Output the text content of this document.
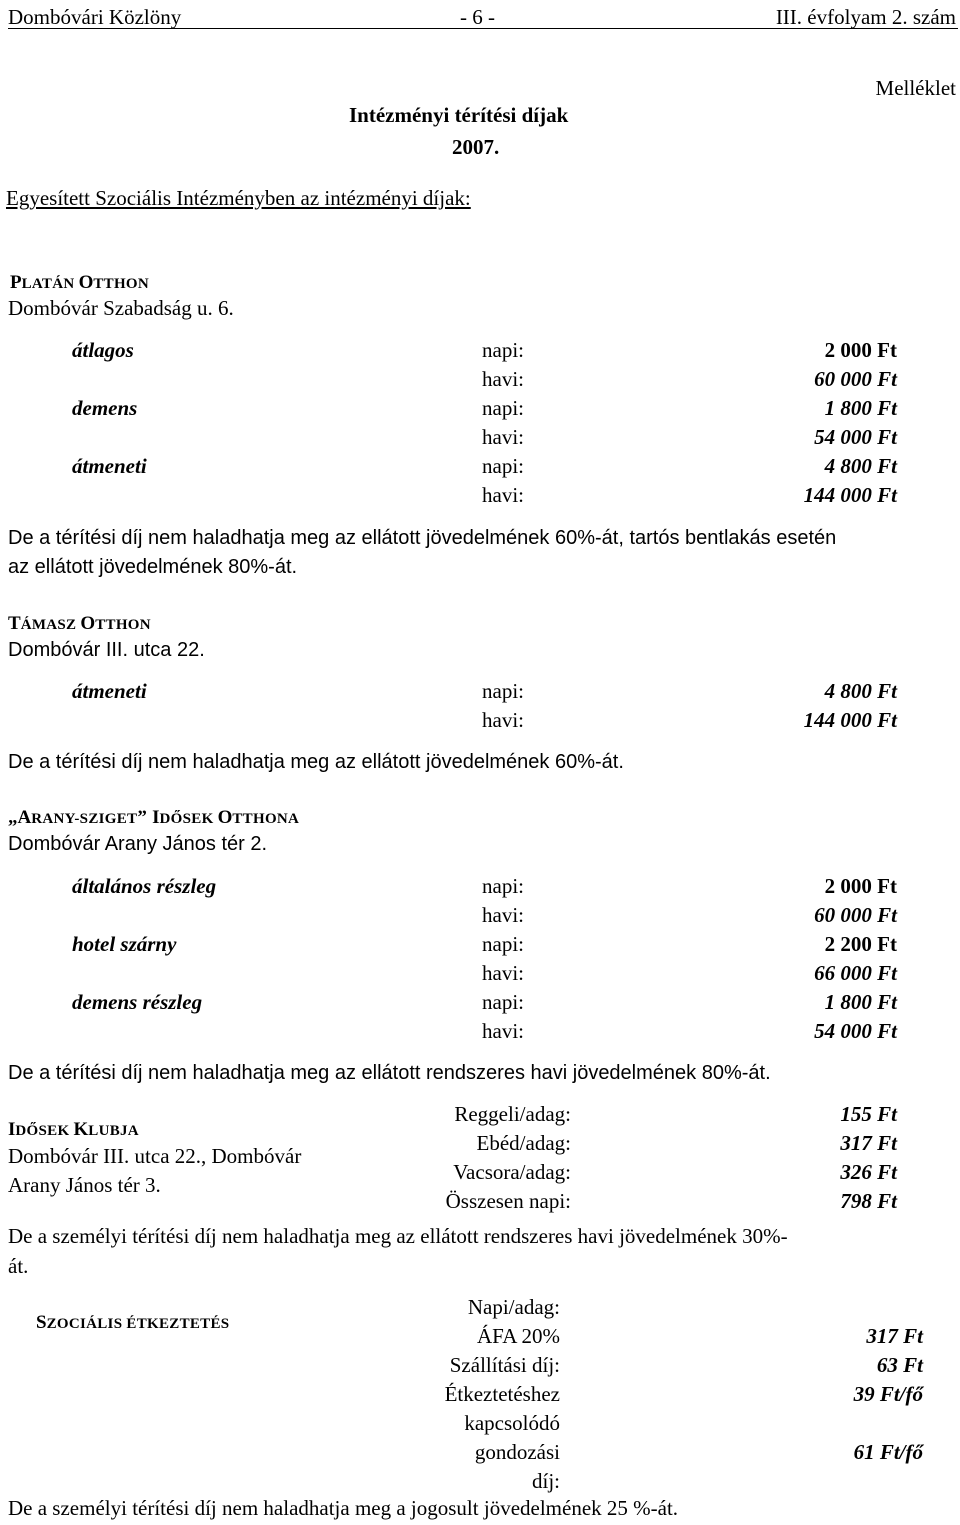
Dombóvári Közlöny	- 6 -	III. évfolyam 2. szám
Melléklet
Intézményi térítési díjak
2007.
Egyesített Szociális Intézményben az intézményi díjak:
PLATÁN OTTHON
Dombóvár Szabadság u. 6.
átlagos	napi:	2 000 Ft
havi:	60 000 Ft
demens	napi:	1 800 Ft
havi:	54 000 Ft
átmeneti	napi:	4 800 Ft
havi:	144 000 Ft
De a térítési díj nem haladhatja meg az ellátott jövedelmének 60%-át, tartós bentlakás esetén
az ellátott jövedelmének 80%-át.
TÁMASZ OTTHON
Dombóvár III. utca 22.
átmeneti	napi:	4 800 Ft
havi:	144 000 Ft
De a térítési díj nem haladhatja meg az ellátott jövedelmének 60%-át.
„ARANY-SZIGET” IDŐSEK OTTHONA
Dombóvár Arany János tér 2.
általános részleg	napi:	2 000 Ft
havi:	60 000 Ft
hotel szárny	napi:	2 200 Ft
havi:	66 000 Ft
demens részleg	napi:	1 800 Ft
havi:	54 000 Ft
De a térítési díj nem haladhatja meg az ellátott rendszeres havi jövedelmének 80%-át.
IDŐSEK KLUBJA
Dombóvár III. utca 22., Dombóvár
Arany János tér 3.
Reggeli/adag:	155 Ft
Ebéd/adag:	317 Ft
Vacsora/adag:	326 Ft
Összesen napi:	798 Ft
De a személyi térítési díj nem haladhatja meg az ellátott rendszeres havi jövedelmének 30%-
át.
SZOCIÁLIS ÉTKEZTETÉS
Napi/adag:
ÁFA 20%	317 Ft
Szállítási díj:	63 Ft
Étkeztetéshez	39 Ft/fő
kapcsolódó
gondozási	61 Ft/fő
díj:
De a személyi térítési díj nem haladhatja meg a jogosult jövedelmének 25 %-át.
